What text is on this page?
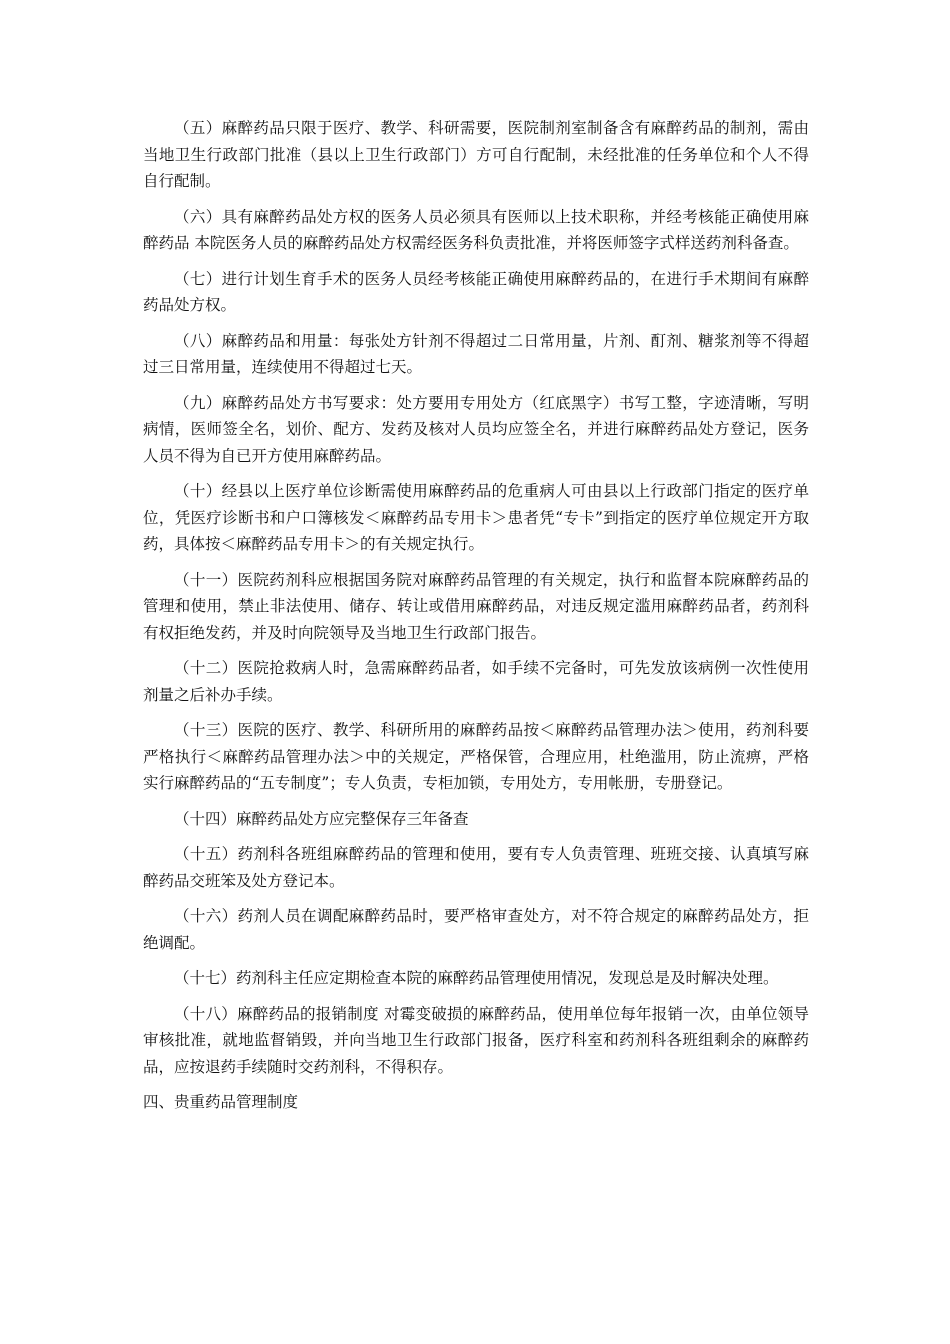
（五）麻醉药品只限于医疗、教学、科研需要，医院制剂室制备含有麻醉药品的制剂，需由当地卫生行政部门批准（县以上卫生行政部门）方可自行配制，未经批准的任务单位和个人不得自行配制。

（六）具有麻醉药品处方权的医务人员必须具有医师以上技术职称，并经考核能正确使用麻醉药品 本院医务人员的麻醉药品处方权需经医务科负责批准，并将医师签字式样送药剂科备查。

（七）进行计划生育手术的医务人员经考核能正确使用麻醉药品的，在进行手术期间有麻醉药品处方权。

（八）麻醉药品和用量：每张处方针剂不得超过二日常用量，片剂、酊剂、糖浆剂等不得超过三日常用量，连续使用不得超过七天。

（九）麻醉药品处方书写要求：处方要用专用处方（红底黑字）书写工整，字迹清晰，写明病情，医师签全名，划价、配方、发药及核对人员均应签全名，并进行麻醉药品处方登记，医务人员不得为自已开方使用麻醉药品。

（十）经县以上医疗单位诊断需使用麻醉药品的危重病人可由县以上行政部门指定的医疗单位，凭医疗诊断书和户口簿核发＜麻醉药品专用卡＞患者凭“专卡”到指定的医疗单位规定开方取药，具体按＜麻醉药品专用卡＞的有关规定执行。

（十一）医院药剂科应根据国务院对麻醉药品管理的有关规定，执行和监督本院麻醉药品的管理和使用，禁止非法使用、储存、转让或借用麻醉药品，对违反规定滥用麻醉药品者，药剂科有权拒绝发药，并及时向院领导及当地卫生行政部门报告。

（十二）医院抢救病人时，急需麻醉药品者，如手续不完备时，可先发放该病例一次性使用剂量之后补办手续。

（十三）医院的医疗、教学、科研所用的麻醉药品按＜麻醉药品管理办法＞使用，药剂科要严格执行＜麻醉药品管理办法＞中的关规定，严格保管，合理应用，杜绝滥用，防止流痹，严格实行麻醉药品的“五专制度”；专人负责，专柜加锁，专用处方，专用帐册，专册登记。

（十四）麻醉药品处方应完整保存三年备查

（十五）药剂科各班组麻醉药品的管理和使用，要有专人负责管理、班班交接、认真填写麻醉药品交班笨及处方登记本。

（十六）药剂人员在调配麻醉药品时，要严格审查处方，对不符合规定的麻醉药品处方，拒绝调配。

（十七）药剂科主任应定期检查本院的麻醉药品管理使用情况，发现总是及时解决处理。

（十八）麻醉药品的报销制度 对霉变破损的麻醉药品，使用单位每年报销一次，由单位领导审核批准，就地监督销毁，并向当地卫生行政部门报备，医疗科室和药剂科各班组剩余的麻醉药品，应按退药手续随时交药剂科，不得积存。

四、贵重药品管理制度
